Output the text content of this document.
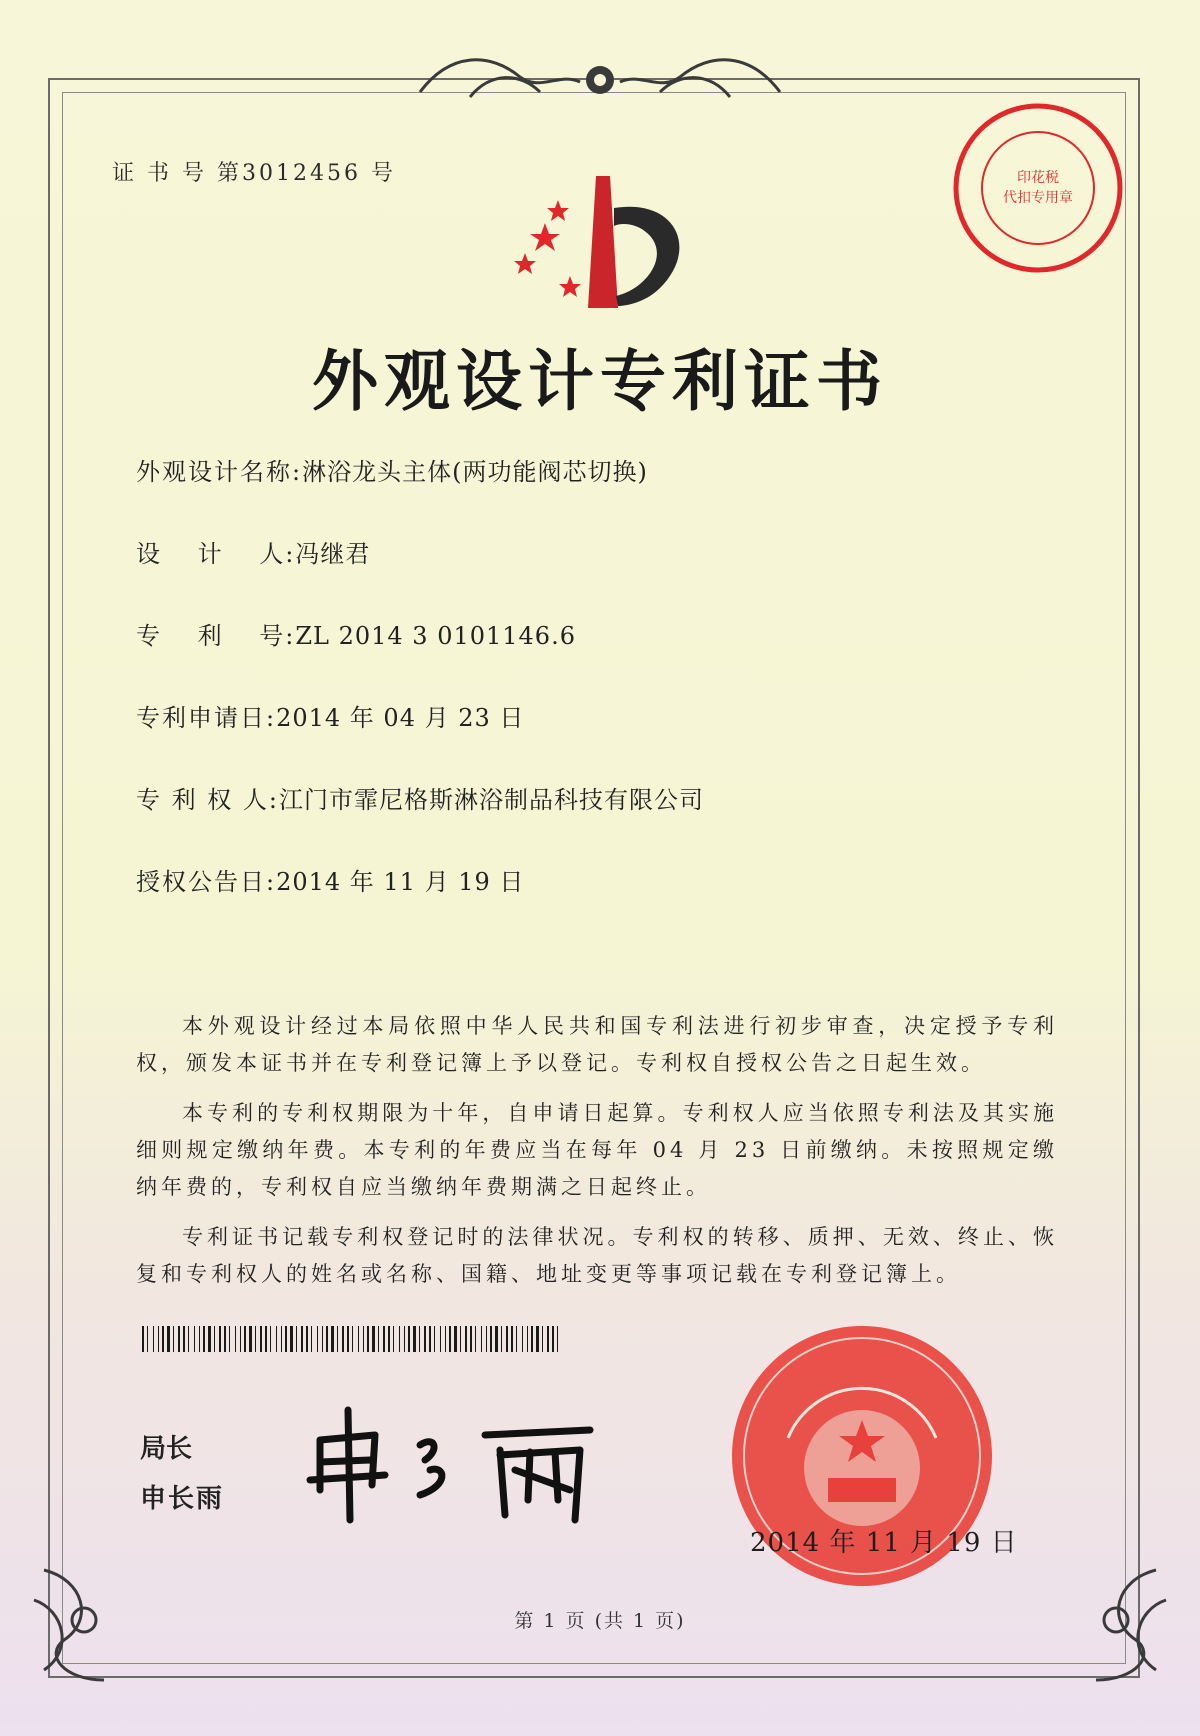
证 书 号 第3012456 号	印花税
代扣专用章
外观设计专利证书
外观设计名称:淋浴龙头主体(两功能阀芯切换)
设　 计　 人:冯继君
专　 利　 号:ZL 2014 3 0101146.6
专利申请日:2014 年 04 月 23 日
专 利 权 人:江门市霏尼格斯淋浴制品科技有限公司
授权公告日:2014 年 11 月 19 日

本外观设计经过本局依照中华人民共和国专利法进行初步审查，决定授予专利权，颁发本证书并在专利登记簿上予以登记。专利权自授权公告之日起生效。

本专利的专利权期限为十年，自申请日起算。专利权人应当依照专利法及其实施细则规定缴纳年费。本专利的年费应当在每年 04 月 23 日前缴纳。未按照规定缴纳年费的，专利权自应当缴纳年费期满之日起终止。

专利证书记载专利权登记时的法律状况。专利权的转移、质押、无效、终止、恢复和专利权人的姓名或名称、国籍、地址变更等事项记载在专利登记簿上。

局长
申长雨
2014 年 11 月 19 日
第 1 页 (共 1 页)
